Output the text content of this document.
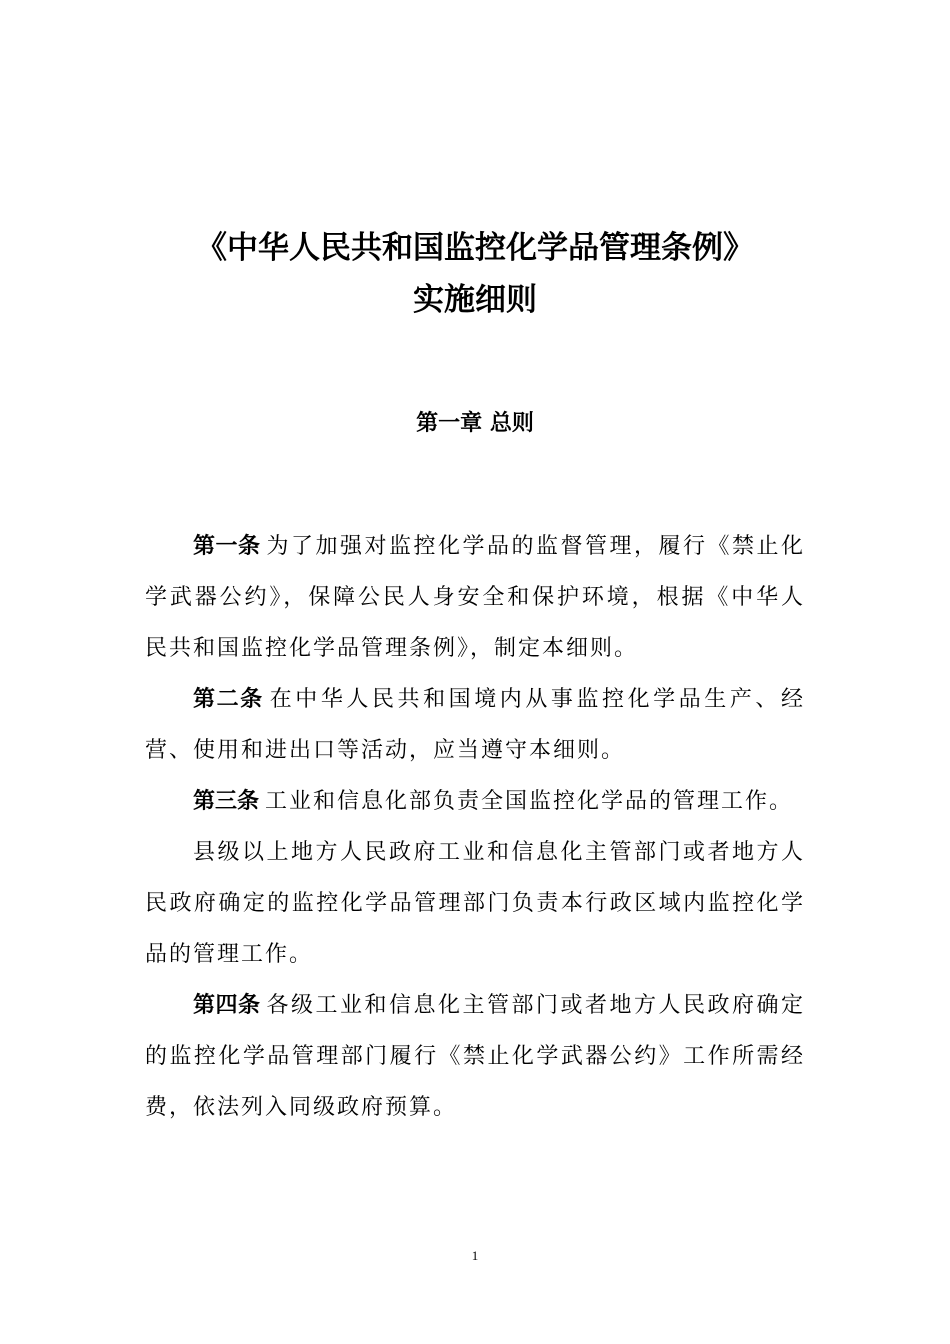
《中华人民共和国监控化学品管理条例》
实施细则
第一章 总则

第一条 为了加强对监控化学品的监督管理，履行《禁止化学武器公约》，保障公民人身安全和保护环境，根据《中华人民共和国监控化学品管理条例》，制定本细则。

第二条 在中华人民共和国境内从事监控化学品生产、经营、使用和进出口等活动，应当遵守本细则。

第三条 工业和信息化部负责全国监控化学品的管理工作。

县级以上地方人民政府工业和信息化主管部门或者地方人民政府确定的监控化学品管理部门负责本行政区域内监控化学品的管理工作。

第四条 各级工业和信息化主管部门或者地方人民政府确定的监控化学品管理部门履行《禁止化学武器公约》工作所需经费，依法列入同级政府预算。

1
